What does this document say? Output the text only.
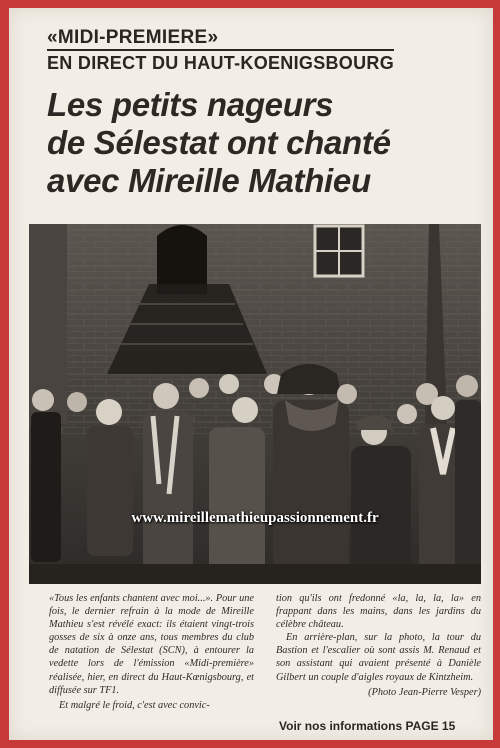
«MIDI-PREMIERE»
EN DIRECT DU HAUT-KOENIGSBOURG
Les petits nageurs
de Sélestat ont chanté
avec Mireille Mathieu
www.mireillemathieupassionnement.fr

«Tous les enfants chantent avec moi...». Pour une fois, le dernier refrain à la mode de Mireille Mathieu s'est révélé exact: ils étaient vingt-trois gosses de six à onze ans, tous membres du club de natation de Sélestat (SCN), à entourer la vedette lors de l'émission «Midi-première» réalisée, hier, en direct du Haut-Kœnigsbourg, et diffusée sur TF1.

Et malgré le froid, c'est avec convic-

tion qu'ils ont fredonné «la, la, la, la» en frappant dans les mains, dans les jardins du célèbre château.

En arrière-plan, sur la photo, la tour du Bastion et l'escalier où sont assis M. Renaud et son assistant qui avaient présenté à Danièle Gilbert un couple d'aigles royaux de Kintzheim.

(Photo Jean-Pierre Vesper)

Voir nos informations PAGE 15
